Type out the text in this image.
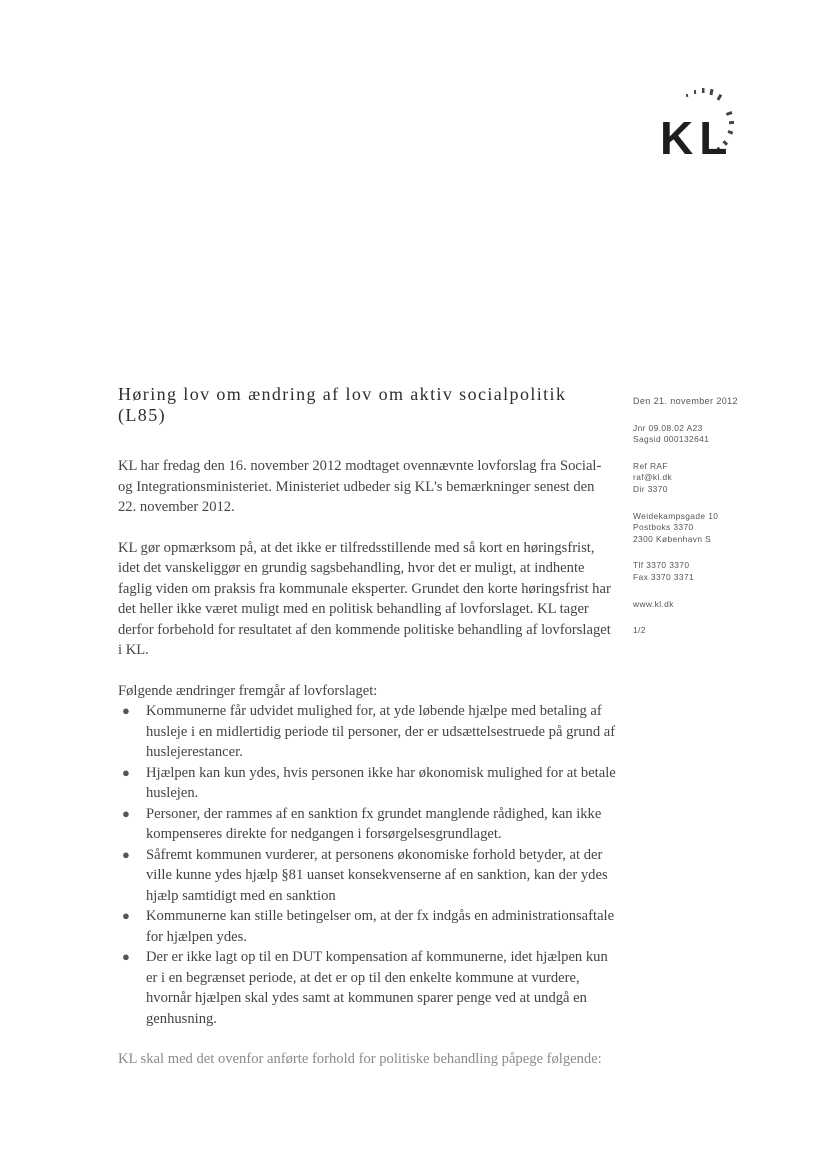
KL
Høring lov om ændring af lov om aktiv socialpolitik (L85)

KL har fredag den 16. november 2012 modtaget ovennævnte lovforslag fra Social- og Integrationsministeriet. Ministeriet udbeder sig KL's bemærkninger senest den 22. november 2012.

KL gør opmærksom på, at det ikke er tilfredsstillende med så kort en høringsfrist, idet det vanskeliggør en grundig sagsbehandling, hvor det er muligt, at indhente faglig viden om praksis fra kommunale eksperter. Grundet den korte høringsfrist har det heller ikke været muligt med en politisk behandling af lovforslaget. KL tager derfor forbehold for resultatet af den kommende politiske behandling af lovforslaget i KL.

Følgende ændringer fremgår af lovforslaget:

● Kommunerne får udvidet mulighed for, at yde løbende hjælpe med betaling af husleje i en midlertidig periode til personer, der er udsættelsestruede på grund af huslejerestancer.
● Hjælpen kan kun ydes, hvis personen ikke har økonomisk mulighed for at betale huslejen.
● Personer, der rammes af en sanktion fx grundet manglende rådighed, kan ikke kompenseres direkte for nedgangen i forsørgelsesgrundlaget.
● Såfremt kommunen vurderer, at personens økonomiske forhold betyder, at der ville kunne ydes hjælp §81 uanset konsekvenserne af en sanktion, kan der ydes hjælp samtidigt med en sanktion
● Kommunerne kan stille betingelser om, at der fx indgås en administrationsaftale for hjælpen ydes.
● Der er ikke lagt op til en DUT kompensation af kommunerne, idet hjælpen kun er i en begrænset periode, at det er op til den enkelte kommune at vurdere, hvornår hjælpen skal ydes samt at kommunen sparer penge ved at undgå en genhusning.

KL skal med det ovenfor anførte forhold for politiske behandling påpege følgende:

Den 21. november 2012
Jnr 09.08.02 A23
Sagsid 000132641
Ref RAF
raf@kl.dk
Dir 3370
Weidekampsgade 10
Postboks 3370
2300 København S
Tlf 3370 3370
Fax 3370 3371
www.kl.dk
1/2
